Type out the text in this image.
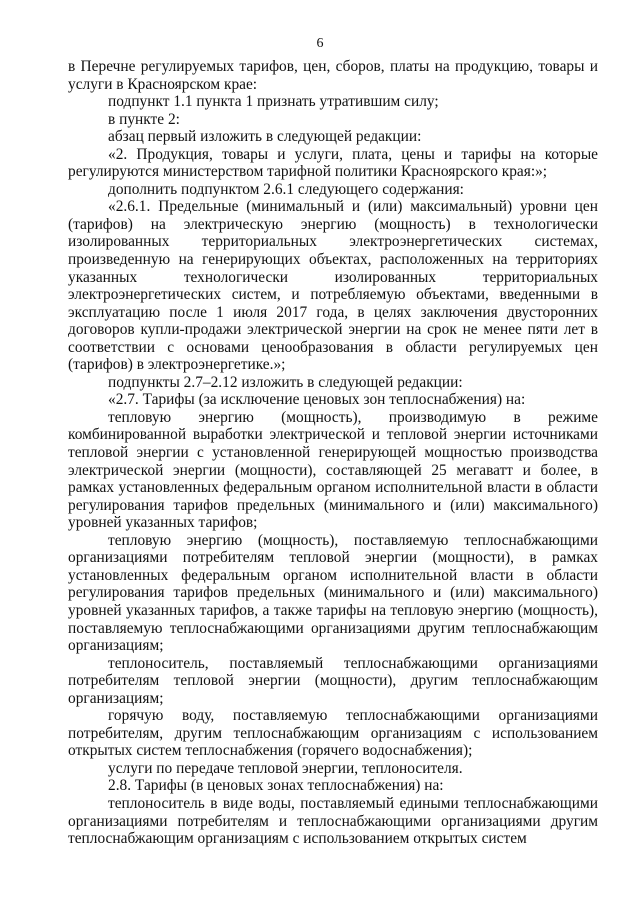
6

в Перечне регулируемых тарифов, цен, сборов, платы на продукцию, товары и услуги в Красноярском крае:

подпункт 1.1 пункта 1 признать утратившим силу;

в пункте 2:

абзац первый изложить в следующей редакции:

«2. Продукция, товары и услуги, плата, цены и тарифы на которые регулируются министерством тарифной политики Красноярского края:»;

дополнить подпунктом 2.6.1 следующего содержания:

«2.6.1. Предельные (минимальный и (или) максимальный) уровни цен (тарифов) на электрическую энергию (мощность) в технологически изолированных территориальных электроэнергетических системах, произведенную на генерирующих объектах, расположенных на территориях указанных технологически изолированных территориальных электроэнергетических систем, и потребляемую объектами, введенными в эксплуатацию после 1 июля 2017 года, в целях заключения двусторонних договоров купли-продажи электрической энергии на срок не менее пяти лет в соответствии с основами ценообразования в области регулируемых цен (тарифов) в электроэнергетике.»;

подпункты 2.7–2.12 изложить в следующей редакции:

«2.7. Тарифы (за исключение ценовых зон теплоснабжения) на:

тепловую энергию (мощность), производимую в режиме комбинированной выработки электрической и тепловой энергии источниками тепловой энергии с установленной генерирующей мощностью производства электрической энергии (мощности), составляющей 25 мегаватт и более, в рамках установленных федеральным органом исполнительной власти в области регулирования тарифов предельных (минимального и (или) максимального) уровней указанных тарифов;

тепловую энергию (мощность), поставляемую теплоснабжающими организациями потребителям тепловой энергии (мощности), в рамках установленных федеральным органом исполнительной власти в области регулирования тарифов предельных (минимального и (или) максимального) уровней указанных тарифов, а также тарифы на тепловую энергию (мощность), поставляемую теплоснабжающими организациями другим теплоснабжающим организациям;

теплоноситель, поставляемый теплоснабжающими организациями потребителям тепловой энергии (мощности), другим теплоснабжающим организациям;

горячую воду, поставляемую теплоснабжающими организациями потребителям, другим теплоснабжающим организациям с использованием открытых систем теплоснабжения (горячего водоснабжения);

услуги по передаче тепловой энергии, теплоносителя.

2.8. Тарифы (в ценовых зонах теплоснабжения) на:

теплоноситель в виде воды, поставляемый едиными теплоснабжающими организациями потребителям и теплоснабжающими организациями другим теплоснабжающим организациям с использованием открытых систем
